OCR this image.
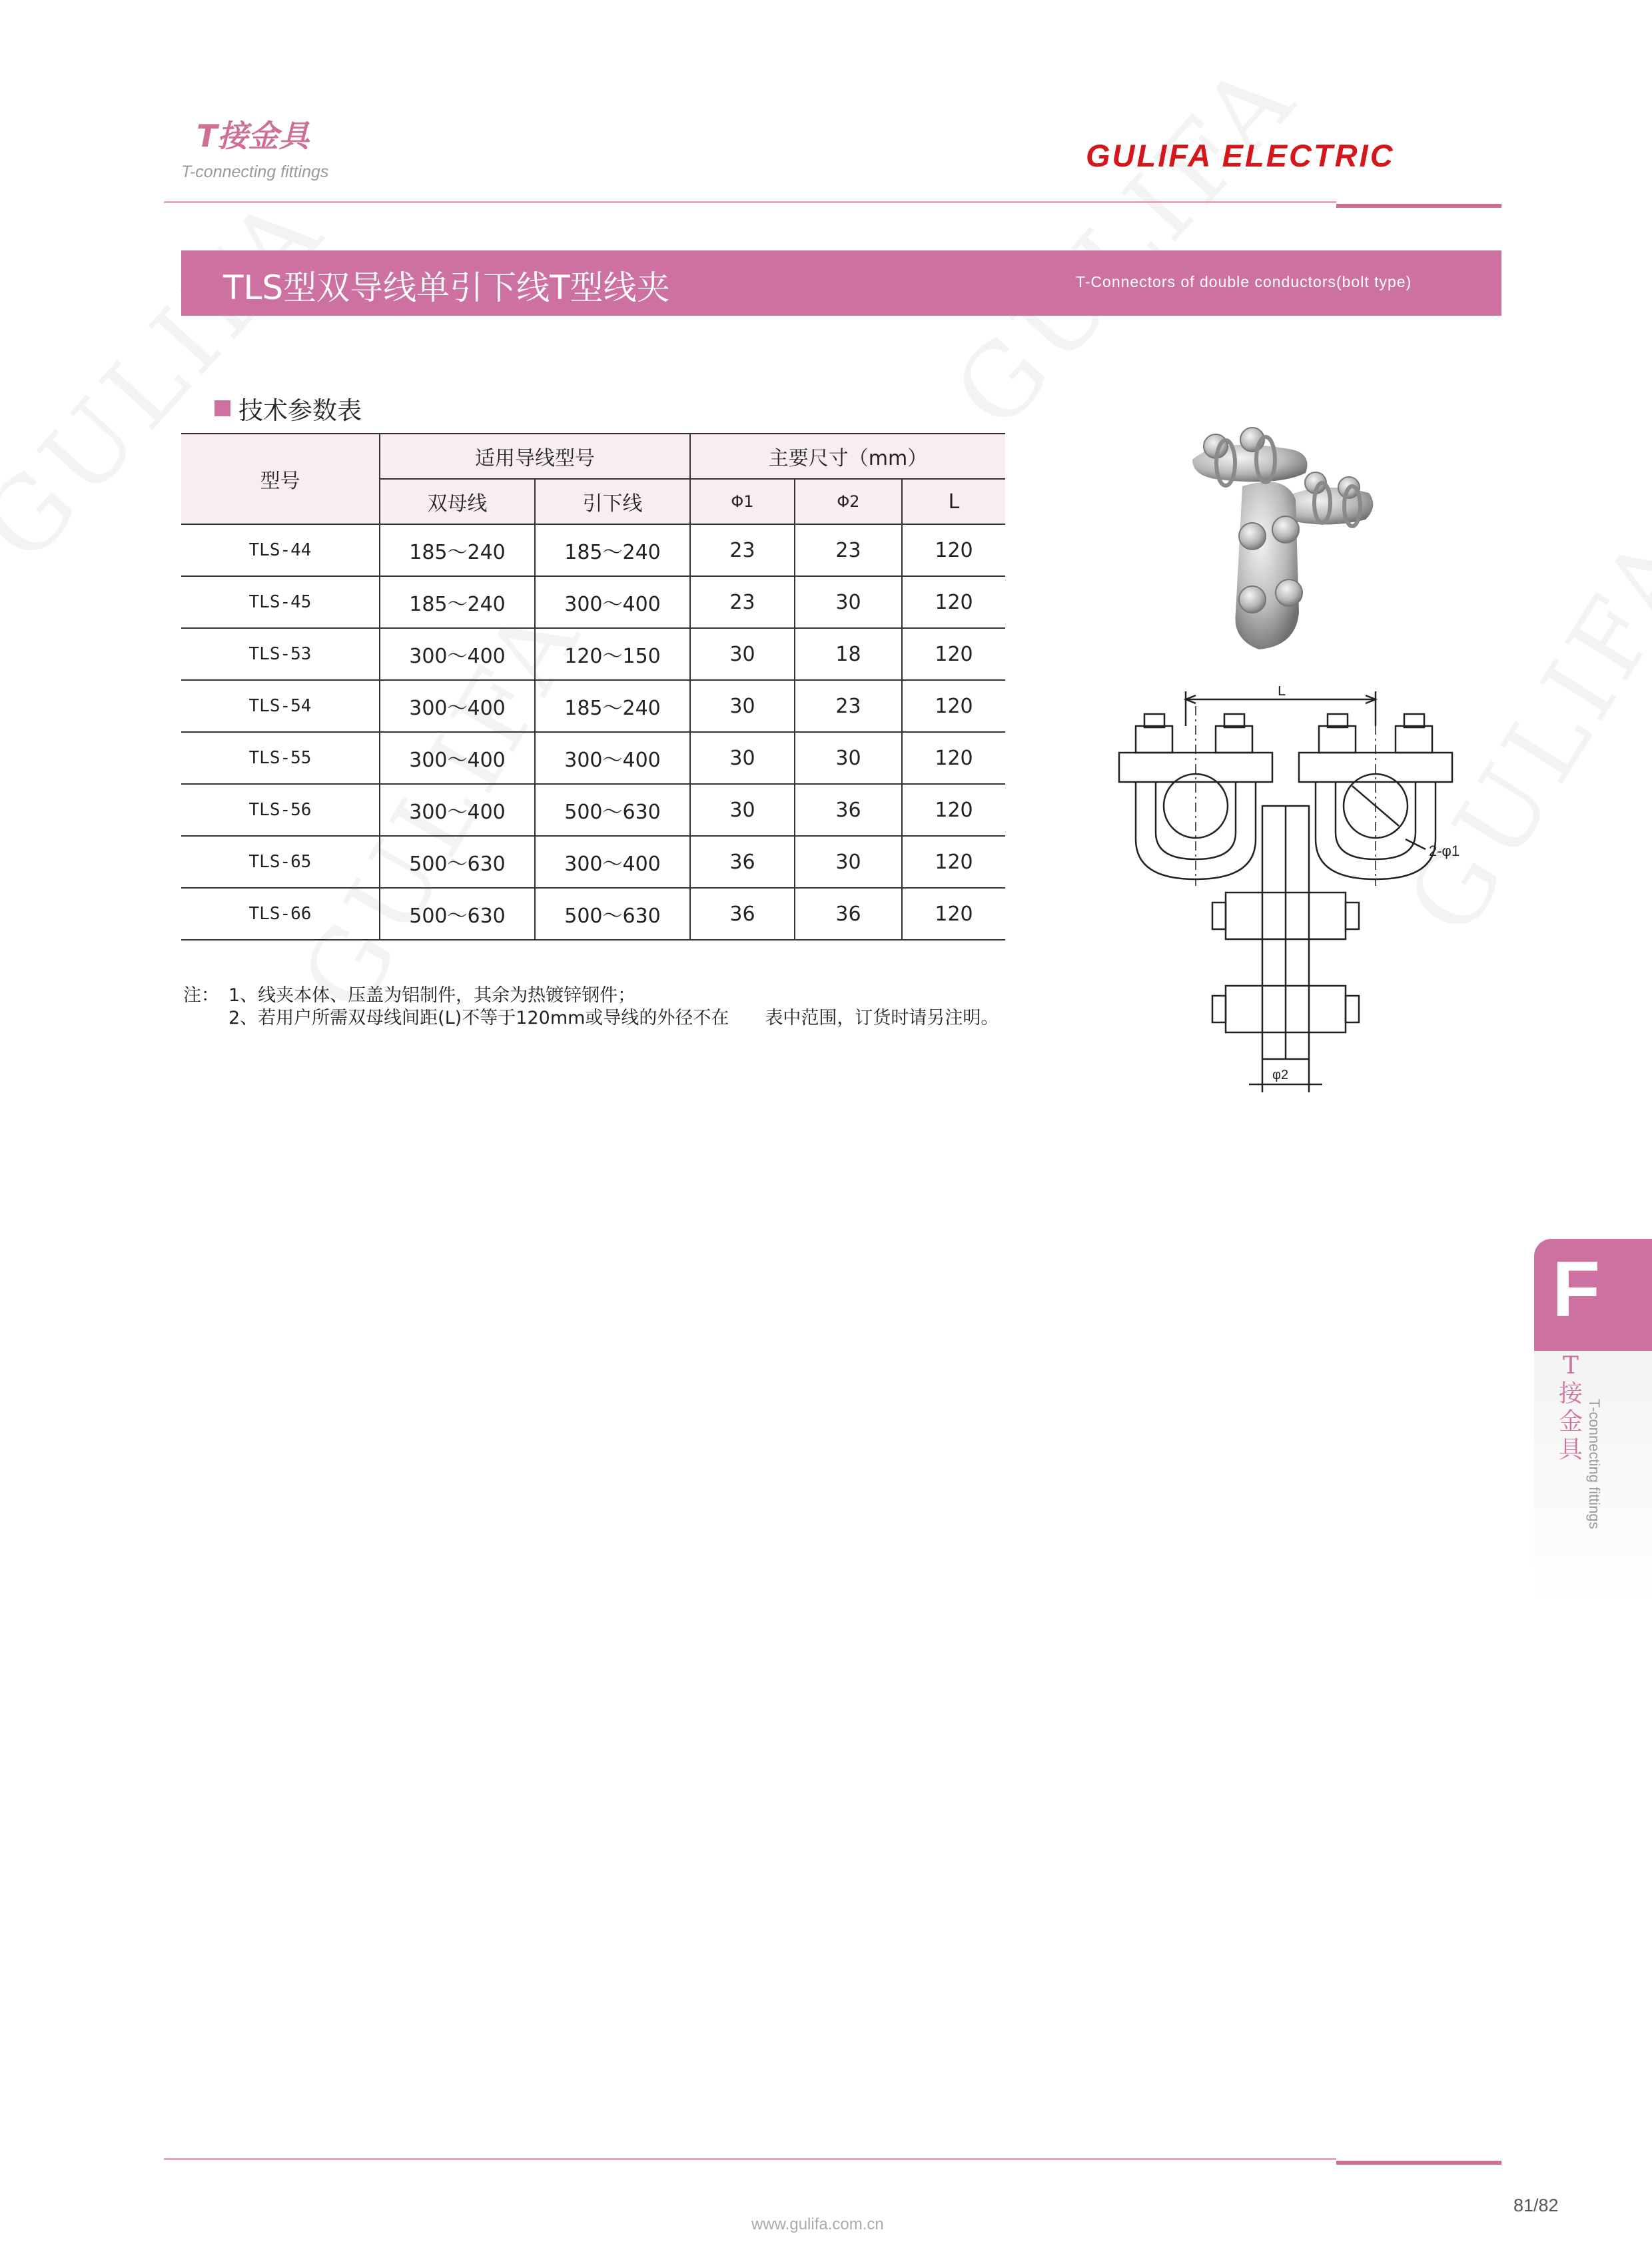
T接金具
T-connecting fittings	GULIFA ELECTRIC
TLS型双导线单引下线T型线夹	T-Connectors of double conductors(bolt type)
技术参数表
型号	适用导线型号		主要尺寸（mm）		
	双母线	引下线	Φ1	Φ2	L
TLS-44	185～240	185～240	23	23	120
TLS-45	185～240	300～400	23	30	120
TLS-53	300～400	120～150	30	18	120
TLS-54	300～400	185～240	30	23	120
TLS-55	300～400	300～400	30	30	120
TLS-56	300～400	500～630	30	36	120
TLS-65	500～630	300～400	36	30	120
TLS-66	500～630	500～630	36	36	120
注： 1、线夹本体、压盖为铝制件，其余为热镀锌钢件；
2、若用户所需双母线间距(L)不等于120mm或导线的外径不在　　表中范围，订货时请另注明。
L
2-φ1
φ2
F
T接金具 T-connecting fittings
81/82
www.gulifa.com.cn
